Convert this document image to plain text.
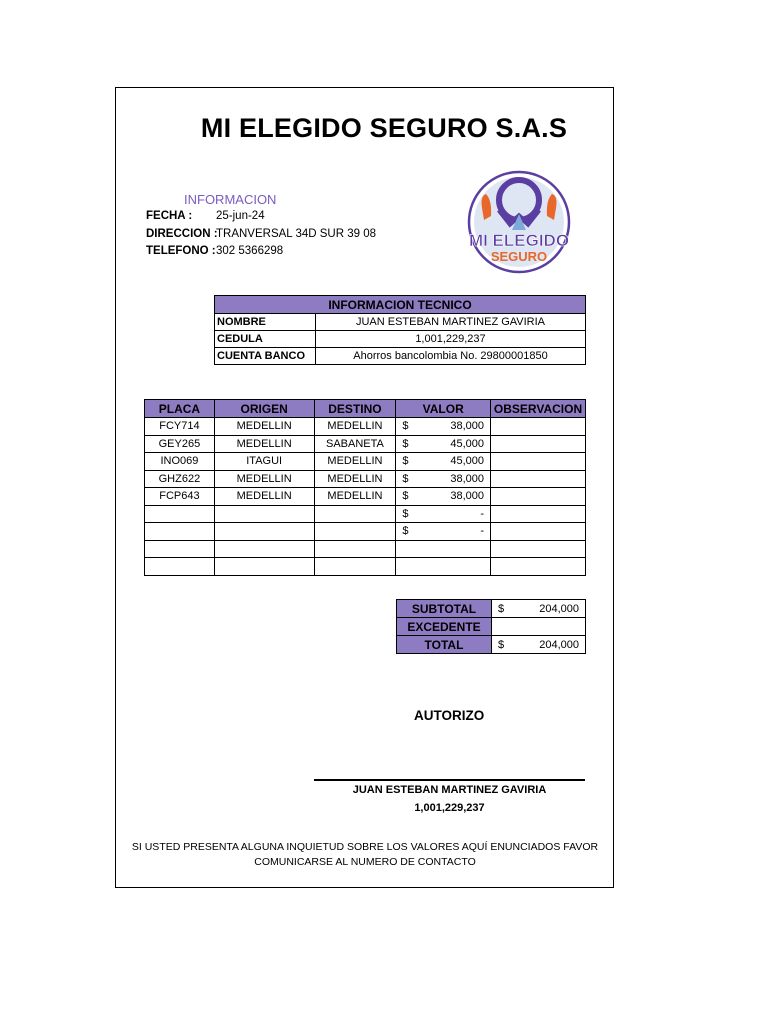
MI ELEGIDO SEGURO S.A.S
INFORMACION
FECHA :	25-jun-24
DIRECCION :
TRANVERSAL 34D SUR 39 08
TELEFONO : 302 5366298
MI ELEGIDO
SEGURO
INFORMACION TECNICO	
NOMBRE	JUAN ESTEBAN MARTINEZ GAVIRIA
CEDULA	1,001,229,237
CUENTA BANCO	Ahorros bancolombia No. 29800001850
PLACA	ORIGEN	DESTINO	VALOR	OBSERVACION
FCY714	MEDELLIN	MEDELLIN	$ 38,000	
GEY265	MEDELLIN	SABANETA	$ 45,000	
INO069	ITAGUI	MEDELLIN	$ 45,000	
GHZ622	MEDELLIN	MEDELLIN	$ 38,000	
FCP643	MEDELLIN	MEDELLIN	$ 38,000	

			$ -	

			$ -	

SUBTOTAL	$ 204,000
EXCEDENTE	
TOTAL	$ 204,000
AUTORIZO
JUAN ESTEBAN MARTINEZ GAVIRIA
1,001,229,237
SI USTED PRESENTA ALGUNA INQUIETUD SOBRE LOS VALORES AQUÍ ENUNCIADOS FAVOR COMUNICARSE AL NUMERO DE CONTACTO
